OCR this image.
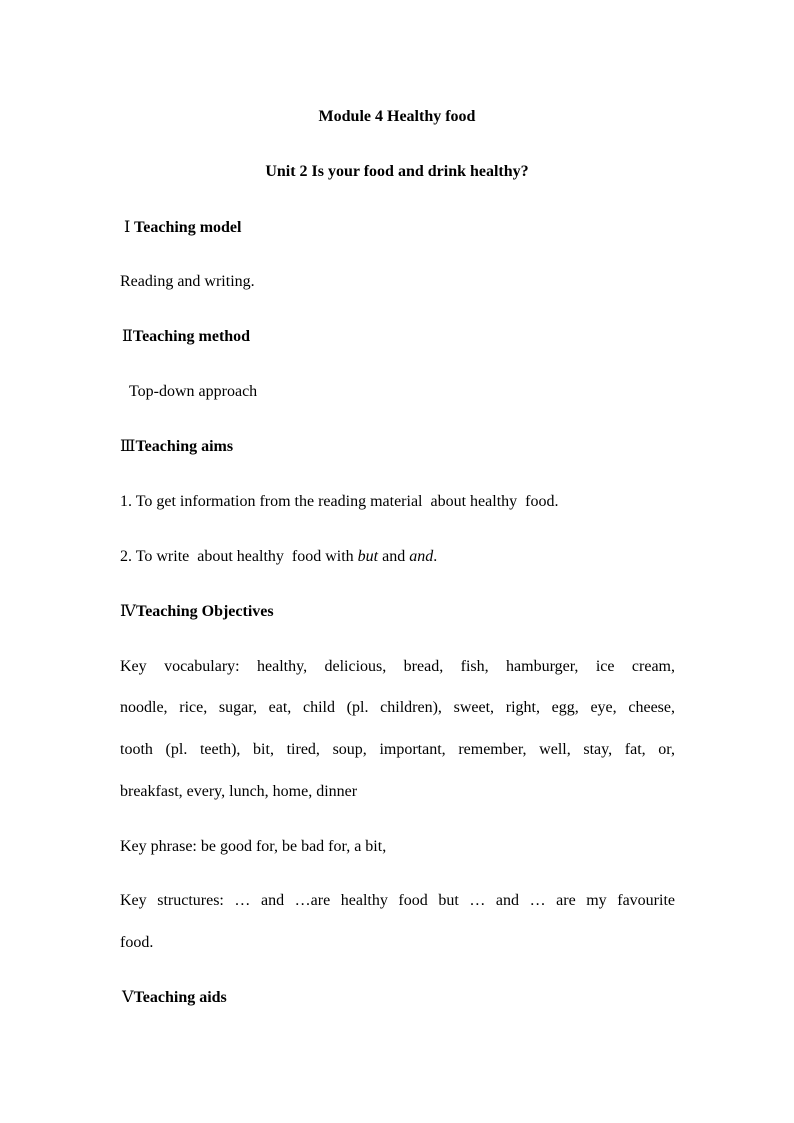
Module 4 Healthy food
Unit 2 Is your food and drink healthy?
Ⅰ Teaching model
Reading and writing.
ⅡTeaching method
Top-down approach
ⅢTeaching aims
1. To get information from the reading material  about healthy  food.
2. To write  about healthy  food with but and and.
ⅣTeaching Objectives
Key vocabulary: healthy, delicious, bread, fish, hamburger, ice cream,
noodle, rice, sugar, eat, child (pl. children), sweet, right, egg, eye, cheese,
tooth (pl. teeth), bit, tired, soup, important, remember, well, stay, fat, or,
breakfast, every, lunch, home, dinner
Key phrase: be good for, be bad for, a bit,
Key structures: … and …are healthy food but … and … are my favourite
food.
ⅤTeaching aids
